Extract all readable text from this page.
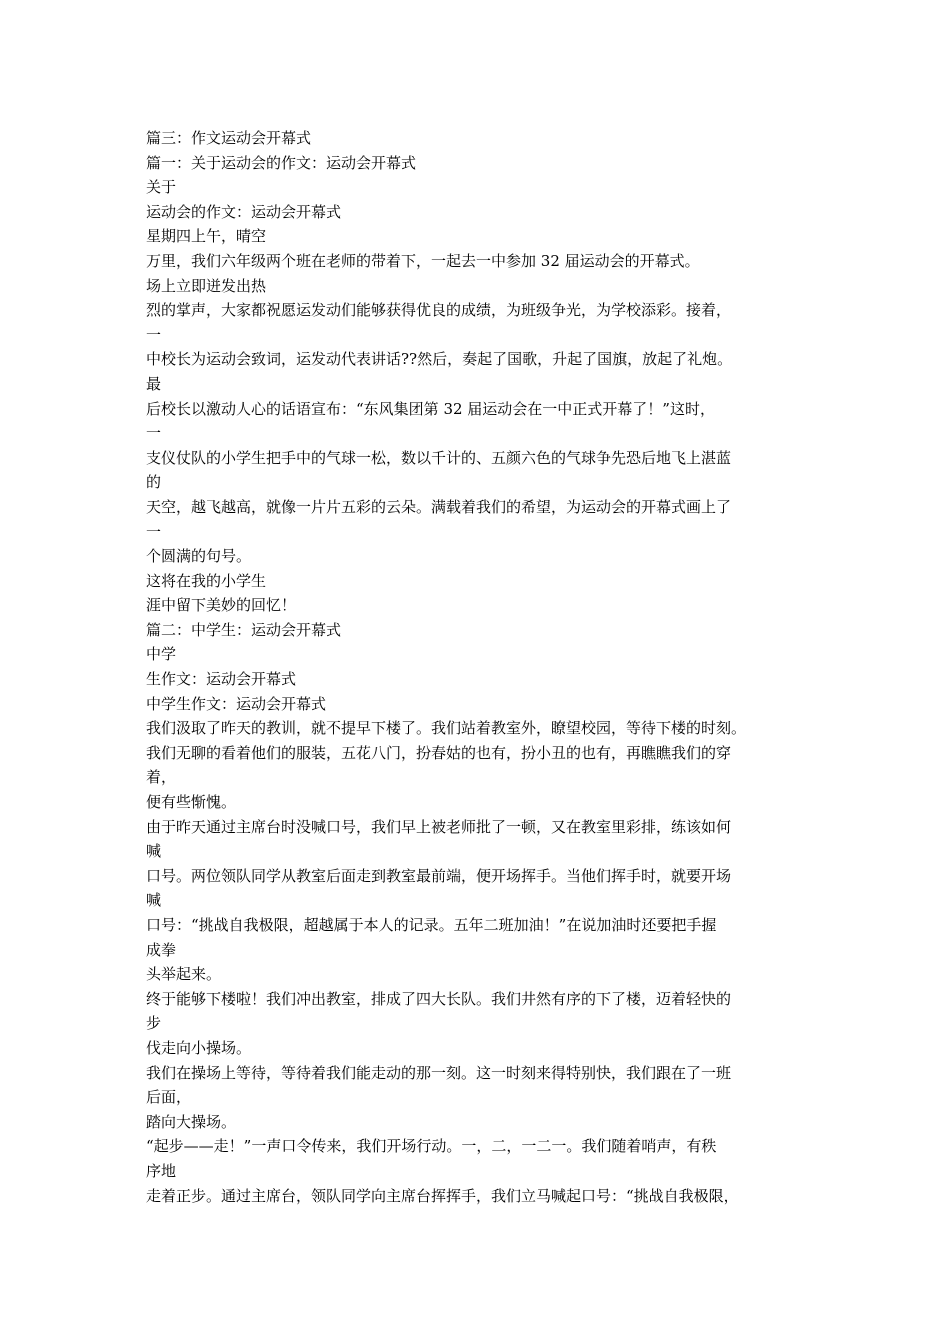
篇三：作文运动会开幕式
篇一：关于运动会的作文：运动会开幕式
关于
运动会的作文：运动会开幕式
星期四上午，晴空
万里，我们六年级两个班在老师的带着下，一起去一中参加 32 届运动会的开幕式。
场上立即迸发出热
烈的掌声，大家都祝愿运发动们能够获得优良的成绩，为班级争光，为学校添彩。接着，
一
中校长为运动会致词，运发动代表讲话??然后，奏起了国歌，升起了国旗，放起了礼炮。
最
后校长以激动人心的话语宣布：“东风集团第 32 届运动会在一中正式开幕了！”这时，
一
支仪仗队的小学生把手中的气球一松，数以千计的、五颜六色的气球争先恐后地飞上湛蓝
的
天空，越飞越高，就像一片片五彩的云朵。满载着我们的希望，为运动会的开幕式画上了
一
个圆满的句号。
这将在我的小学生
涯中留下美妙的回忆！
篇二：中学生：运动会开幕式
中学
生作文：运动会开幕式
中学生作文：运动会开幕式
我们汲取了昨天的教训，就不提早下楼了。我们站着教室外，瞭望校园，等待下楼的时刻。
我们无聊的看着他们的服装，五花八门，扮春姑的也有，扮小丑的也有，再瞧瞧我们的穿
着，
便有些惭愧。
由于昨天通过主席台时没喊口号，我们早上被老师批了一顿，又在教室里彩排，练该如何
喊
口号。两位领队同学从教室后面走到教室最前端，便开场挥手。当他们挥手时，就要开场
喊
口号：“挑战自我极限，超越属于本人的记录。五年二班加油！”在说加油时还要把手握
成拳
头举起来。
终于能够下楼啦！我们冲出教室，排成了四大长队。我们井然有序的下了楼，迈着轻快的
步
伐走向小操场。
我们在操场上等待，等待着我们能走动的那一刻。这一时刻来得特别快，我们跟在了一班
后面，
踏向大操场。
“起步——走！”一声口令传来，我们开场行动。一，二，一二一。我们随着哨声，有秩
序地
走着正步。通过主席台，领队同学向主席台挥挥手，我们立马喊起口号：“挑战自我极限，
